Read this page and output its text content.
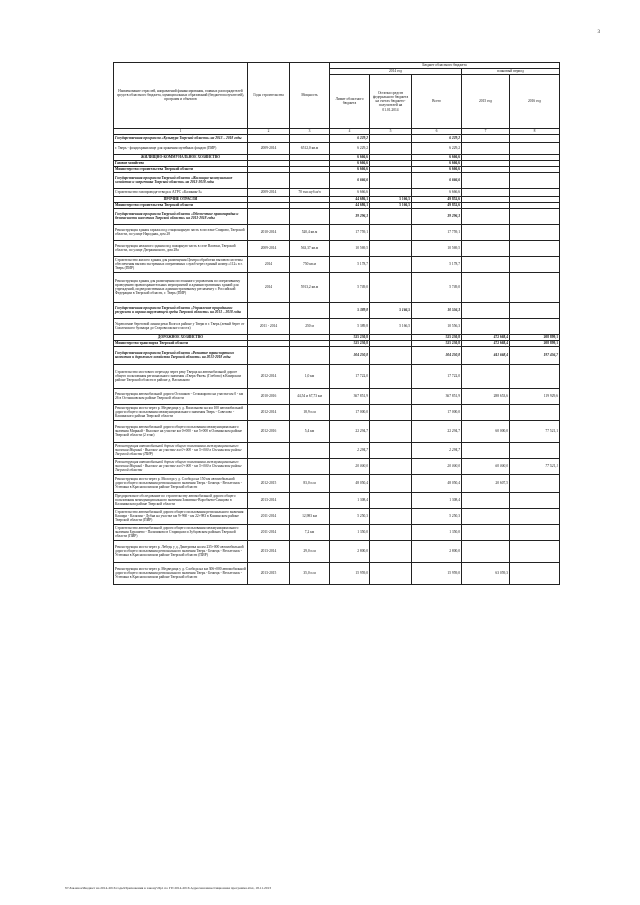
3
Наименование отраслей, направлений финансирования, главных распорядителей средств областного бюджета, муниципальных образований (бюджетополучателей), программ и объектов	Годы строительства	Мощность	Бюджет областного бюджета				
			2014 год			плановый период	
			Лимит областного бюджета	Остатки средств федерального бюджета на счетах бюджето-получателей на 01.01.2014	Всего	2015 год	2016 год
1	2	3	4	5	6	7	8
Государственная программа «Культура Тверской области» на 2013 – 2018 годы			6 229,2		6 229,2		
г. Тверь - фондохранилище для хранения музейных фондов (ПИР)	2009-2014	6512,0 кв.м	6 229,2		6 229,2		
ЖИЛИЩНО-КОММУНАЛЬНОЕ ХОЗЯЙСТВО			6 666,6		6 666,6		
Газовое хозяйство			6 666,6		6 666,6		
Министерство строительства Тверской области			6 666,6		6 666,6		
Государственная программа Тверской области «Жилищно-коммунальное хозяйство и энергетика Тверской области» на 2013-2018 годы			6 666,6		6 666,6		
Строительство газопровода-отвода к АГРС «Калинин-3»	2009-2014	70 тыс.куб.м/ч	6 666,6		6 666,6		
ПРОЧИЕ ОТРАСЛИ			44 686,1	5 166,5	49 852,6		
Министерство строительства Тверской области			44 686,1	5 166,5	49 852,6		
Государственная программа Тверской области «Обеспечение правопорядка и безопасности населения Тверской области» на 2013-2018 годы			39 296,3		39 296,3		
Реконструкция здания гаража под стационарную часть в поселке Спирово, Тверской области, по улице Народная, дом 28	2010-2014	520,4 кв.м	17 759,1		17 759,1		
Реконструкция нежилого здания под пожарную часть в селе Васюки, Тверской области, по улице Дзержинского, дом 28а	2009-2014	563,37 кв.м	10 569,5		10 569,5		
Строительство жилого здания для размещения Центра обработки вызовов системы обеспечения вызова экстренных оперативных служб через единый номер «112» в г. Тверь (ПИР)	2014	750 кв.м	5 178,7		5 178,7		
Реконструкция здания для размещения постоянного управления по оперативному проведению правоохранительных мероприятий и административных зданий для учреждений, подведомственных административному регламенту с Российской Федерации в Тверской области, г. Тверь (ПИР)	2014	5913,2 кв.м	5 749,0		5 749,0		
Государственная программа Тверской области «Управление природными ресурсами и охрана окружающей среды Тверской области» на 2013 – 2018 годы			5 389,8	5 166,5	10 556,3		
Укрепление береговой линии реки Волга в районе у Твери в г. Тверь (левый берег от Смоленского бульвара до Староволжского моста)	2011 - 2014	250 м	5 389,8	5 166,5	10 556,3		
ДОРОЖНОЕ ХОЗЯЙСТВО			525 230,8		525 230,8	472 668,4	208 899,1
Министерство транспорта Тверской области			525 230,8		525 230,8	472 668,4	208 899,1
Государственная программа Тверской области «Развитие транспортного комплекса и дорожного хозяйства Тверской области» на 2013-2018 годы			504 250,8		504 250,8	441 668,4	197 456,7
Строительство мостового перехода через реку Тверца на автомобильной дороге общего пользования регионального значения «Тверь-Ржев» (Глебово) в Кимрском районе Тверской области в районе д. Васильково	2012-2014	1,0 км	17 722,0		17 722,0		
Реконструкция автомобильной дороги Осташков - Селижарово на участке км 0 - км 26 в Осташковском районе Тверской области	2010-2016	44,54 и 67,73 км	367 851,9		367 851,9	288 653,6	119 929,6
Реконструкция моста через р. Медведица у д. Васильково на км 100 автомобильной дороги общего пользования межмуниципального значения Тверь - Савелово - Кашинского района Тверской области	2012-2014	18,9 п.м	17 000,0		17 000,0		
Реконструкция автомобильной дороги общего пользования межмуниципального значения Мирный - Высокое на участке км 0+000 - км 5+000 в Оленинском районе Тверской области (2 этап)	2012-2016	5,4 км	22 294,7		22 294,7	60 000,0	77 521,1
Реконструкция автомобильной дороги общего пользования межмуниципального значения Мирный - Высокое на участке км 0+000 - км 5+000 в Оленинском районе Тверской области (ПИР)			2 294,7		2 294,7		
Реконструкция автомобильной дороги общего пользования межмуниципального значения Мирный - Высокое на участке км 0+000 - км 5+000 в Оленинском районе Тверской области			20 000,0		20 000,0	60 000,0	77 521,1
Реконструкция моста через р. Мологда у д. Слобода на 150 км автомобильной дороги общего пользования регионального значения Тверь - Бежецк - Весьегонск - Устюжна в Краснохолмском районе Тверской области	2012-2015	83,0 п.м	48 050,4		48 050,4	20 607,5	
Предпроектное обследование по строительству автомобильной дороги общего пользования межмуниципального значения Замятино-Воробьево-Синцово в Калининском районе Тверской области	2013-2014		1 308,4		1 308,4		
Строительство автомобильной дороги общего пользования регионального значения Кашира - Калязин - Дубна на участке км 9+960 - км 22+983 в Кашинском районе Тверской области (ПИР)	2011-2014	12,983 км	5 250,3		5 250,3		
Строительство автомобильной дороги общего пользования межмуниципального значения Бурашево - Пальчиково в Старицком и Зубцовском районах Тверской области (ПИР)	2011-2014	7,2 км	1 350,0		1 350,0		
Реконструкция моста через р. Лебедь у д. Дмитровка на км 235+000 автомобильной дороги общего пользования регионального значения Тверь - Бежецк - Весьегонск - Устюжна в Краснохолмском районе Тверской области (ПИР)	2013-2014	29,0 п.м	2 800,0		2 800,0		
Реконструкция моста через р. Медведица у д. Слобода на км 306+000 автомобильной дороги общего пользования регионального значения Тверь - Бежецк - Весьегонск - Устюжна в Краснохолмском районе Тверской области	2013-2015	35,0 п.м	15 959,0		15 959,0	63 059,3	
N:\Зак.иное\Бюджет на 2014-2016 годы\Приложения к закону\Пр1 по ГП 2014-2016 Адресная инвестиционная программа.xlsx, 18.11.2013
